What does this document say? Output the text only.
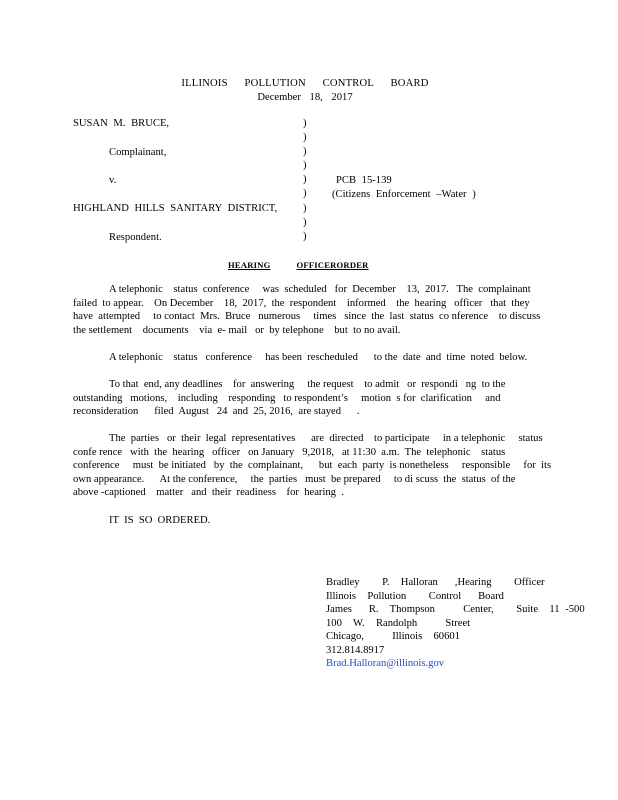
ILLINOIS POLLUTION CONTROL BOARD
December 18, 2017
SUSAN M. BRUCE,
Complainant,
v.
HIGHLAND HILLS SANITARY DISTRICT,
Respondent.
)
)
)
)
)
)
)
)
)
PCB 15-139
(Citizens Enforcement –Water )
HEARING	OFFICERORDER

A telephonic    status  conference     was  scheduled   for  December    13,  2017.   The  complainant

failed  to appear.    On December    18,  2017,  the  respondent    informed    the  hearing   officer   that  they

have  attempted     to contact  Mrs.  Bruce   numerous     times   since  the  last  status  co nference    to discuss

the settlement    documents    via  e- mail   or  by telephone    but  to no avail.

A telephonic    status   conference     has been  rescheduled      to the  date  and  time  noted  below.

To that  end, any deadlines    for  answering     the request    to admit   or  respondi   ng  to the

outstanding   motions,    including    responding   to respondent’s     motion  s for  clarification     and

reconsideration      filed  August   24  and  25, 2016,  are stayed      .

The  parties   or  their  legal  representatives      are  directed    to participate     in a telephonic     status

confe rence   with  the  hearing   officer   on January   9,2018,   at 11:30  a.m.  The  telephonic    status

conference     must  be initiated   by  the  complainant,      but  each  party  is nonetheless     responsible     for  its

own appearance.      At the conference,     the  parties   must  be prepared     to di scuss  the  status  of the

above -captioned    matter   and  their  readiness    for  hearing  .

IT  IS  SO  ORDERED.

Bradley    P.  Halloran   ,Hearing    Officer
Illinois  Pollution    Control   Board
James   R.  Thompson     Center,    Suite  11 -500
100  W.  Randolph     Street
Chicago,     Illinois  60601
312.814.8917
Brad.Halloran@illinois.gov
